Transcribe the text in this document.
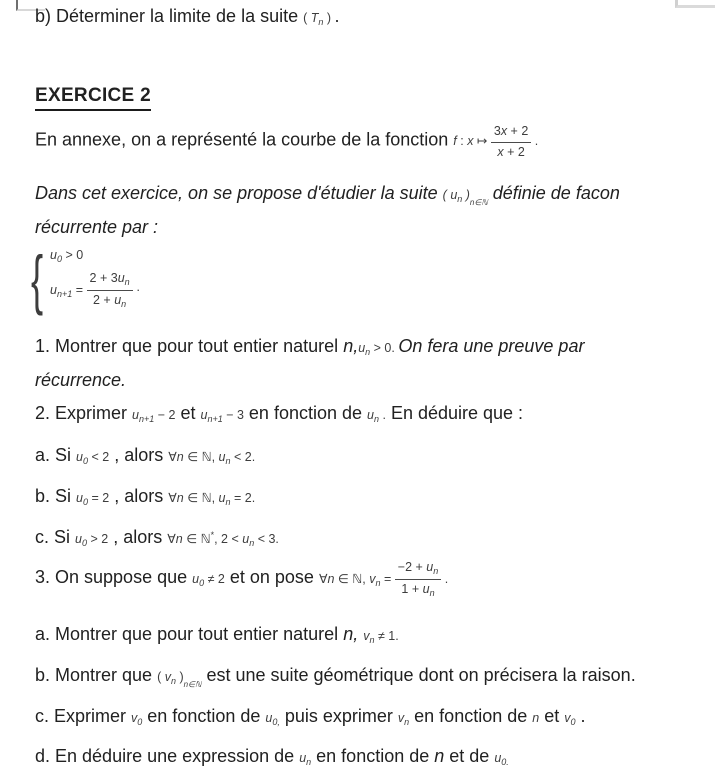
b) Déterminer la limite de la suite ( $T_n$ ) .
EXERCICE 2
En annexe, on a représenté la courbe de la fonction f : x ↦ $\frac{3x + 2}{x + 2}$ .
Dans cet exercice, on se propose d'étudier la suite ( $u_n$ )$_{n\in ℕ}$ définie de facon
récurrente par :
{ $u_0 > 0$
$u_{n+1} = \frac{2 + 3u_n}{2 + u_n}$ ·
1. Montrer que pour tout entier naturel $n,u_n > 0$. On fera une preuve par
récurrence.
2. Exprimer $u_{n+1} - 2$ et $u_{n+1} - 3$ en fonction de $u_n$ . En déduire que :
a. Si $u_0 < 2$ , alors ∀n ∈ ℕ, $u_n < 2$.
b. Si $u_0 = 2$ , alors ∀n ∈ ℕ, $u_n = 2$.
c. Si $u_0 > 2$ , alors ∀n ∈ ℕ*, $2 < u_n < 3$.
3. On suppose que $u_0 \ne 2$ et on pose ∀n ∈ ℕ, $v_n = \frac{-2 + u_n}{1 + u_n}$ .
a. Montrer que pour tout entier naturel n, $v_n \ne 1$.
b. Montrer que ( $v_n$ )$_{n\in ℕ}$ est une suite géométrique dont on précisera la raison.
c. Exprimer $v_0$ en fonction de $u_{0,}$ puis exprimer $v_n$ en fonction de n et $v_0$ .
d. En déduire une expression de $u_n$ en fonction de n et de $u_{0.}$
